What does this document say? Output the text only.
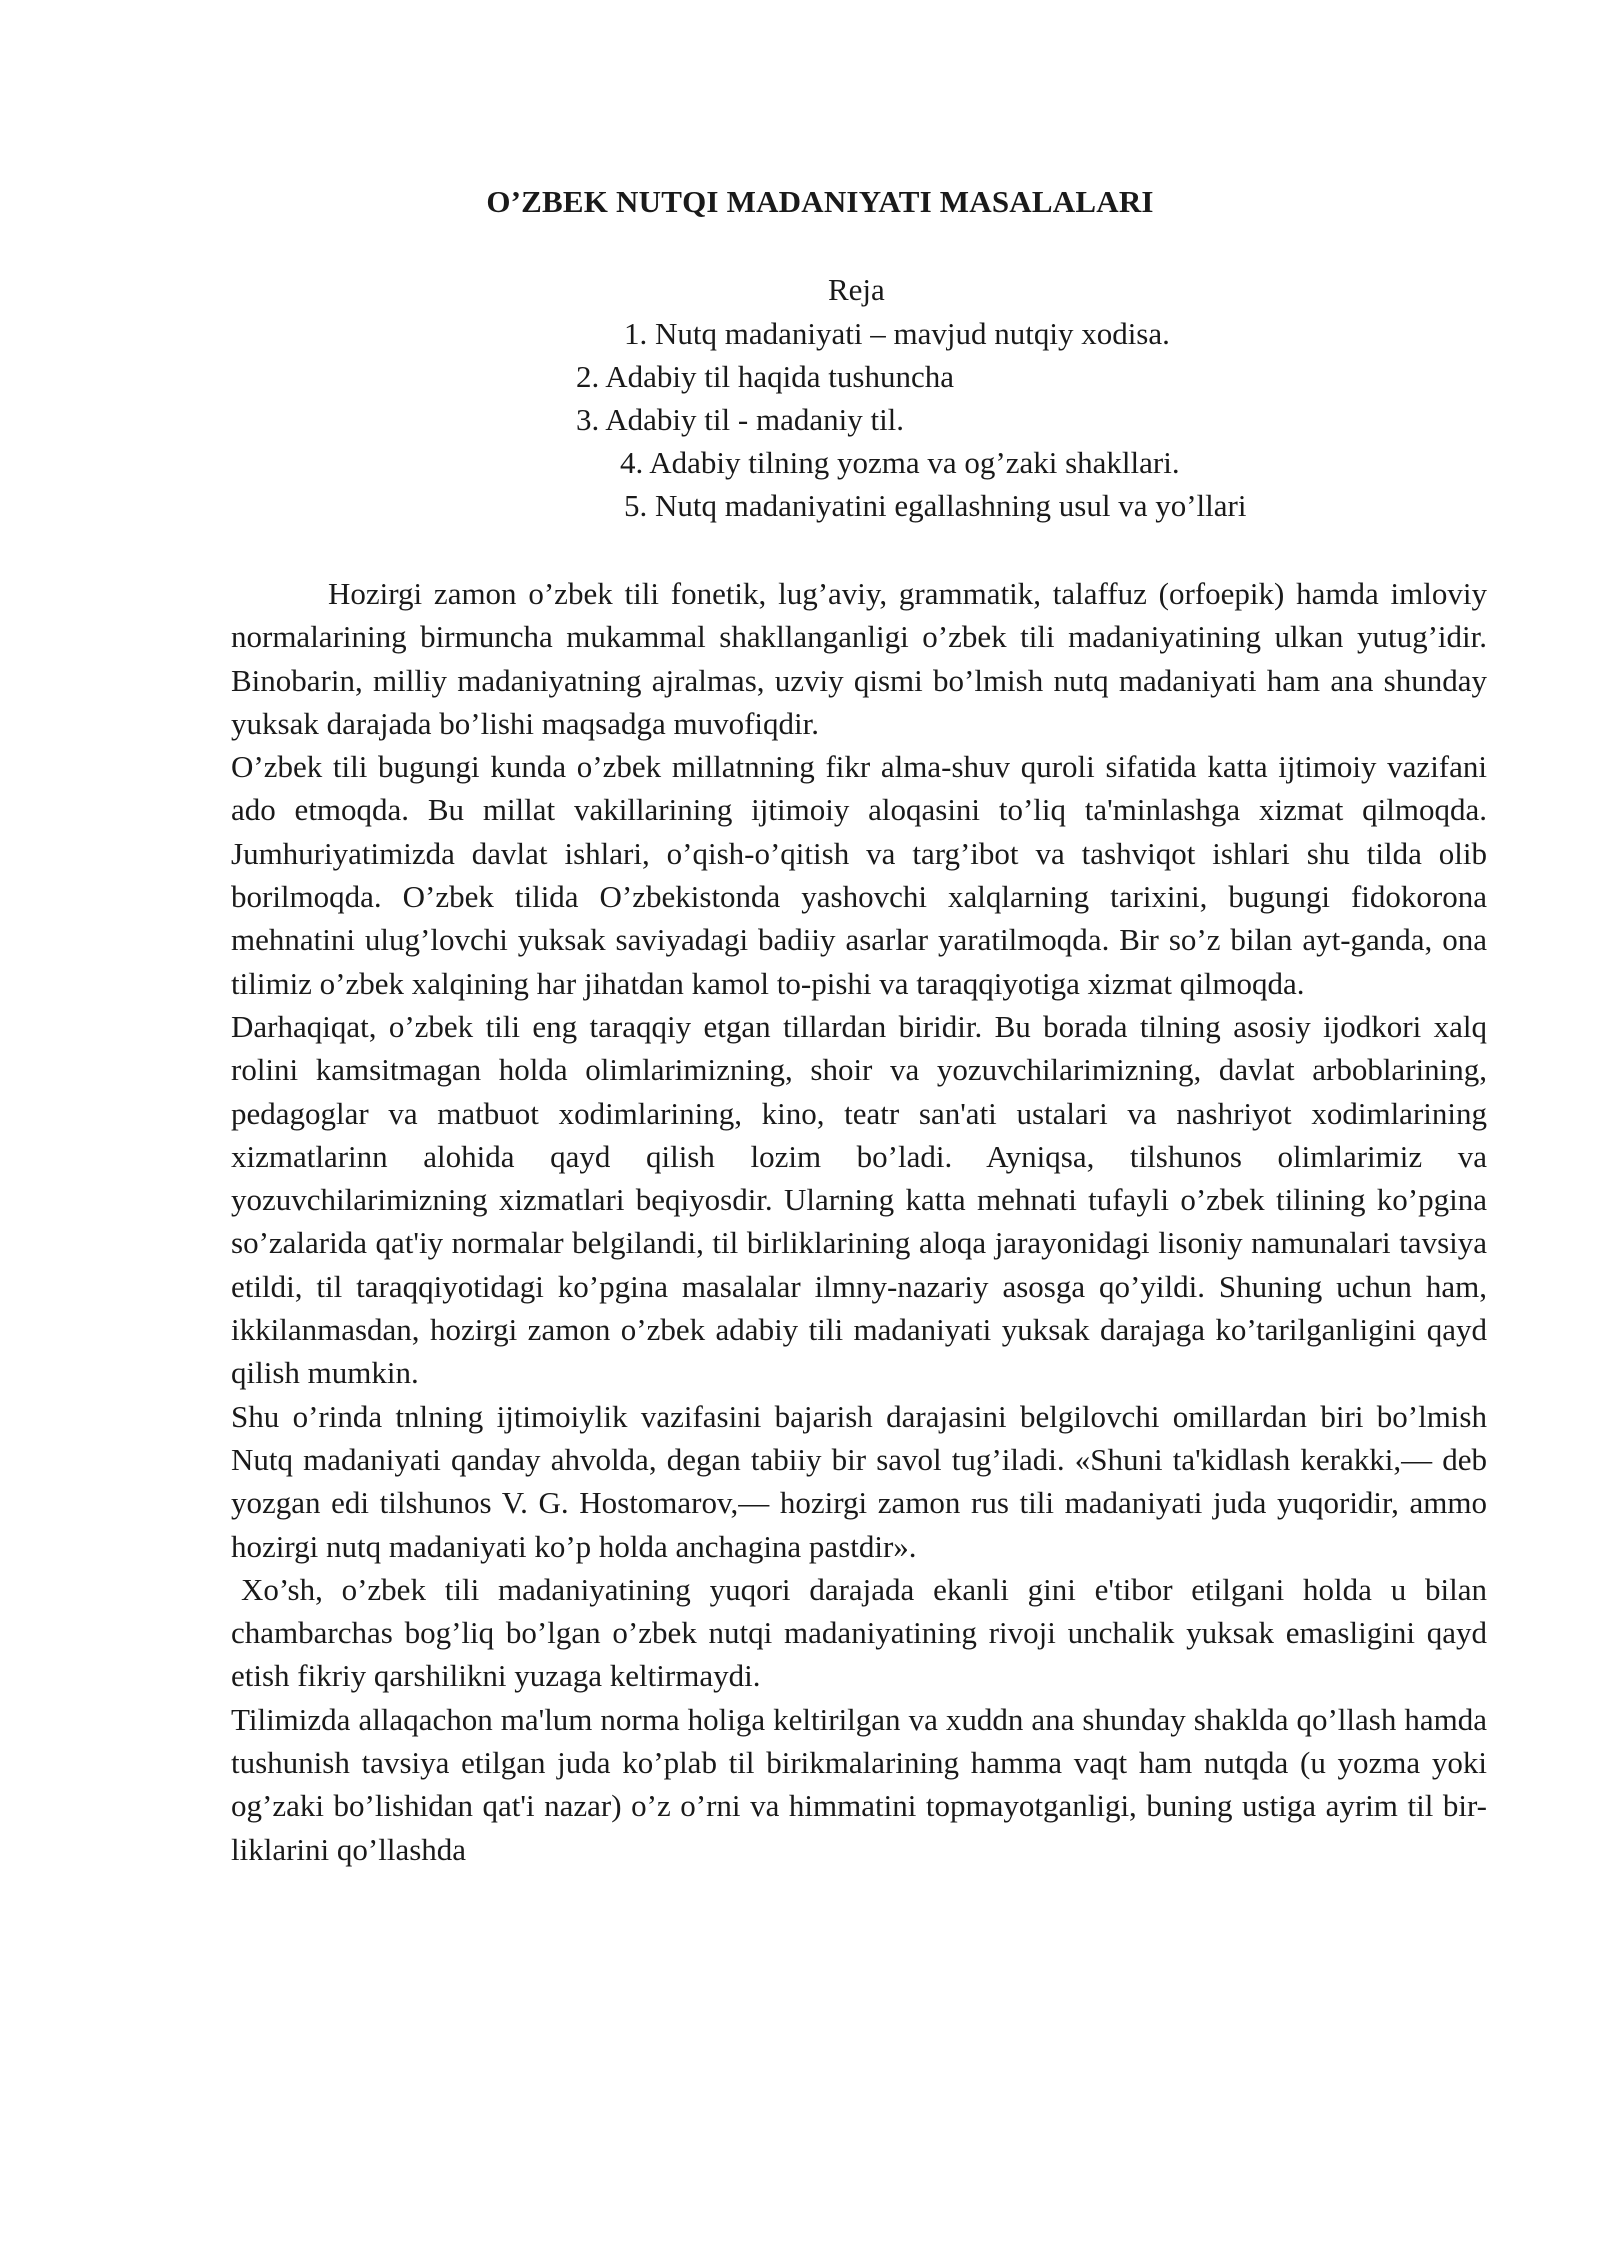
O’ZBEK NUTQI MADANIYATI MASALALARI
Reja
1. Nutq madaniyati – mavjud nutqiy xodisa.
2. Adabiy til haqida tushuncha
3. Adabiy til - madaniy til.
4. Adabiy tilning yozma va og’zaki shakllari.
5. Nutq madaniyatini egallashning usul va yo’llari

Hozirgi zamon o’zbek tili fonetik, lug’aviy, grammatik, talaffuz (orfoepik) hamda imloviy normalarining birmuncha mukammal shakllanganligi o’zbek tili madaniyatining ulkan yutug’idir. Binobarin, milliy madaniyatning ajralmas, uzviy qismi bo’lmish nutq madaniyati ham ana shunday yuksak darajada bo’lishi maqsadga muvofiqdir.

O’zbek tili bugungi kunda o’zbek millatnning fikr alma-shuv quroli sifatida katta ijtimoiy vazifani ado etmoqda. Bu millat vakillarining ijtimoiy aloqasini to’liq ta'minlashga xizmat qilmoqda. Jumhuriyatimizda davlat ishlari, o’qish-o’qitish va targ’ibot va tashviqot ishlari shu tilda olib borilmoqda. O’zbek tilida O’zbekistonda yashovchi xalqlarning tarixini, bugungi fidokorona mehnatini ulug’lovchi yuksak saviyadagi badiiy asarlar yaratilmoqda. Bir so’z bilan ayt-ganda, ona tilimiz o’zbek xalqining har jihatdan kamol to-pishi va taraqqiyotiga xizmat qilmoqda.

Darhaqiqat, o’zbek tili eng taraqqiy etgan tillardan biridir. Bu borada tilning asosiy ijodkori xalq rolini kamsitmagan holda olimlarimizning, shoir va yozuvchilarimizning, davlat arboblarining, pedagoglar va matbuot xodimlarining, kino, teatr san'ati ustalari va nashriyot xodimlarining xizmatlarinn alohida qayd qilish lozim bo’ladi. Ayniqsa, tilshunos olimlarimiz va yozuvchilarimizning xizmatlari beqiyosdir. Ularning katta mehnati tufayli o’zbek tilining ko’pgina so’zalarida qat'iy normalar belgilandi, til birliklarining aloqa jarayonidagi lisoniy namunalari tavsiya etildi, til taraqqiyotidagi ko’pgina masalalar ilmny-nazariy asosga qo’yildi. Shuning uchun ham, ikkilanmasdan, hozirgi zamon o’zbek adabiy tili madaniyati yuksak darajaga ko’tarilganligini qayd qilish mumkin.

Shu o’rinda tnlning ijtimoiylik vazifasini bajarish darajasini belgilovchi omillardan biri bo’lmish Nutq madaniyati qanday ahvolda, degan tabiiy bir savol tug’iladi. «Shuni ta'kidlash kerakki,— deb yozgan edi tilshunos V. G. Hostomarov,— hozirgi zamon rus tili madaniyati juda yuqoridir, ammo hozirgi nutq madaniyati ko’p holda anchagina pastdir».

Xo’sh, o’zbek tili madaniyatining yuqori darajada ekanli gini e'tibor etilgani holda u bilan chambarchas bog’liq bo’lgan o’zbek nutqi madaniyatining rivoji unchalik yuksak emasligini qayd etish fikriy qarshilikni yuzaga keltirmaydi.

Tilimizda allaqachon ma'lum norma holiga keltirilgan va xuddn ana shunday shaklda qo’llash hamda tushunish tavsiya etilgan juda ko’plab til birikmalarining hamma vaqt ham nutqda (u yozma yoki og’zaki bo’lishidan qat'i nazar) o’z o’rni va himmatini topmayotganligi, buning ustiga ayrim til bir-liklarini qo’llashda
